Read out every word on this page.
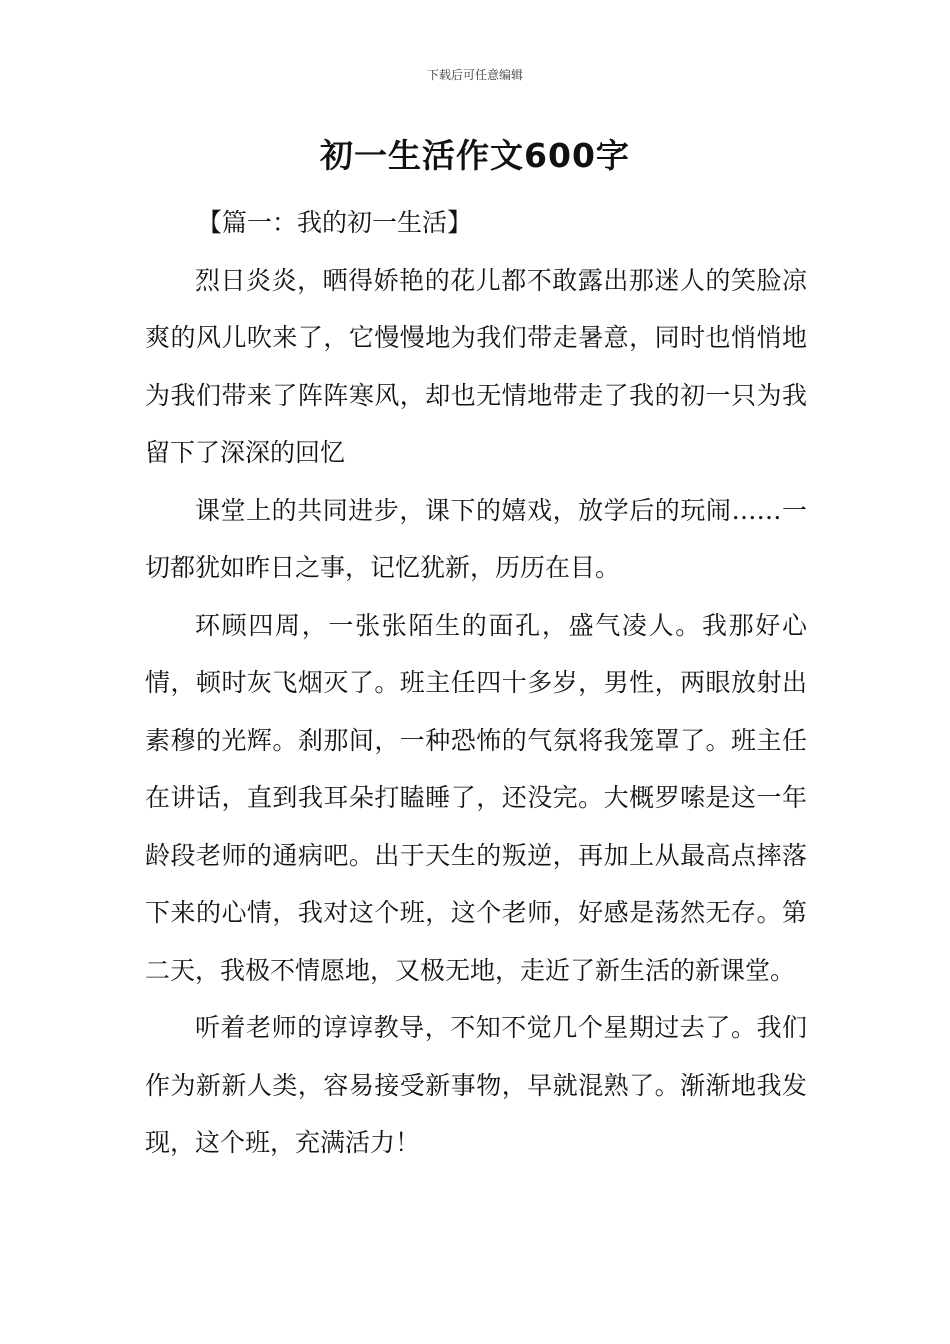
下载后可任意编辑
初一生活作文600字

【篇一：我的初一生活】

烈日炎炎，晒得娇艳的花儿都不敢露出那迷人的笑脸凉爽的风儿吹来了，它慢慢地为我们带走暑意，同时也悄悄地为我们带来了阵阵寒风，却也无情地带走了我的初一只为我留下了深深的回忆

课堂上的共同进步，课下的嬉戏，放学后的玩闹……一切都犹如昨日之事，记忆犹新，历历在目。

环顾四周，一张张陌生的面孔，盛气凌人。我那好心情，顿时灰飞烟灭了。班主任四十多岁，男性，两眼放射出素穆的光辉。刹那间，一种恐怖的气氛将我笼罩了。班主任在讲话，直到我耳朵打瞌睡了，还没完。大概罗嗦是这一年龄段老师的通病吧。出于天生的叛逆，再加上从最高点摔落下来的心情，我对这个班，这个老师，好感是荡然无存。第二天，我极不情愿地，又极无地，走近了新生活的新课堂。

听着老师的谆谆教导，不知不觉几个星期过去了。我们作为新新人类，容易接受新事物，早就混熟了。渐渐地我发现，这个班，充满活力！
